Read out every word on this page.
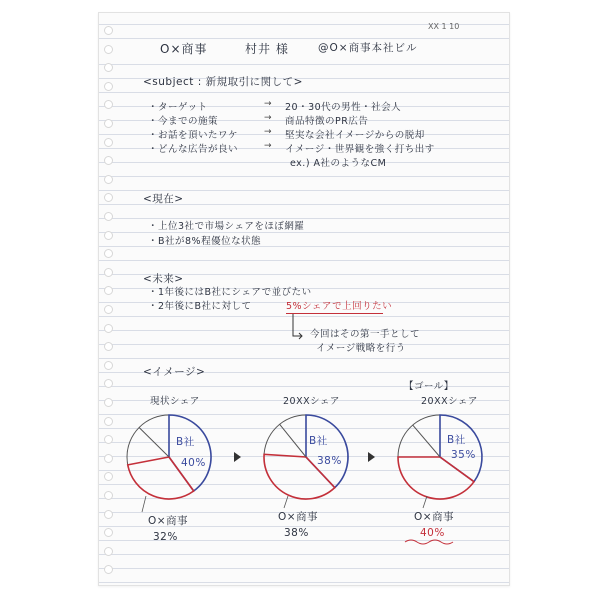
XX 1 10
O×商事	村井 様	@O×商事本社ビル
<subject : 新規取引に関して>
・ターゲット	→ 20・30代の男性・社会人
・今までの施策	→ 商品特徴のPR広告
・お話を頂いたワケ	→ 堅実な会社イメージからの脱却
・どんな広告が良い	→ イメージ・世界観を強く打ち出す
ex.) A社のようなCM
<現在>
・上位3社で市場シェアをほぼ網羅
・B社が8%程優位な状態
<未来>
・1年後にはB社にシェアで並びたい
・2年後にB社に対して	5%シェアで上回りたい
今回はその第一手として
イメージ戦略を行う
<イメージ>
【ゴール】
現状シェア	20XXシェア	20XXシェア
B社
40%
B社
38%
B社
35%
O×商事
32%
O×商事
38%
O×商事
40%
